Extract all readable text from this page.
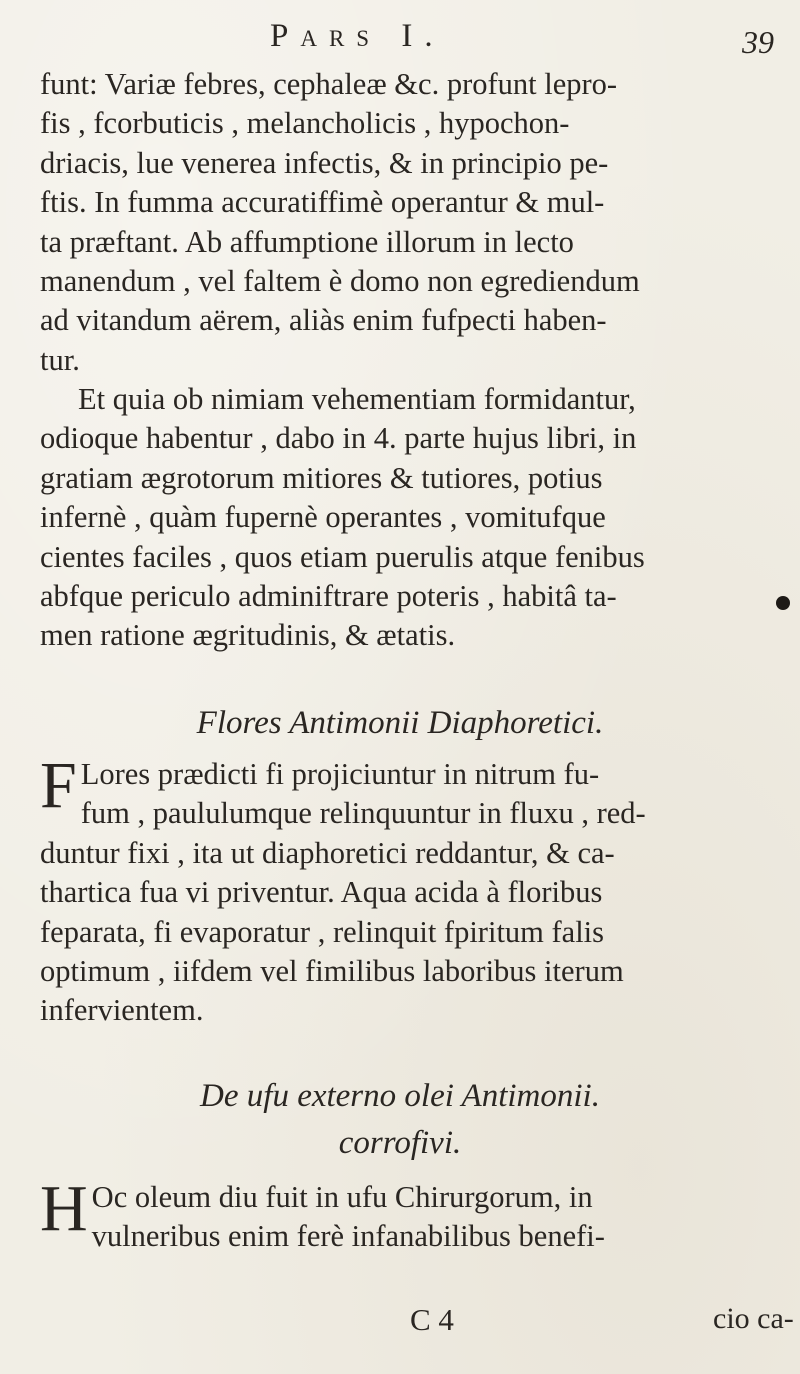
Pars I.	39
funt: Variæ febres, cephaleæ &c. profunt lepro-
fis , fcorbuticis , melancholicis , hypochon-
driacis, lue venerea infectis, & in principio pe-
ftis. In fumma accuratiffimè operantur & mul-
ta præftant. Ab affumptione illorum in lecto
manendum , vel faltem è domo non egrediendum
ad vitandum aërem, aliàs enim fufpecti haben-
tur.
Et quia ob nimiam vehementiam formidantur,
odioque habentur , dabo in 4. parte hujus libri, in
gratiam ægrotorum mitiores & tutiores, potius
infernè , quàm fupernè operantes , vomitufque
cientes faciles , quos etiam puerulis atque fenibus
abfque periculo adminiftrare poteris , habitâ ta-
men ratione ægritudinis, & ætatis.
Flores Antimonii Diaphoretici.
F Lores prædicti fi projiciuntur in nitrum fu-
fum , paululumque relinquuntur in fluxu , red-
duntur fixi , ita ut diaphoretici reddantur, & ca-
thartica fua vi priventur. Aqua acida à floribus
feparata, fi evaporatur , relinquit fpiritum falis
optimum , iifdem vel fimilibus laboribus iterum
infervientem.
De ufu externo olei Antimonii.
corrofivi.
H Oc oleum diu fuit in ufu Chirurgorum, in
vulneribus enim ferè infanabilibus benefi-
C 4	cio ca-
